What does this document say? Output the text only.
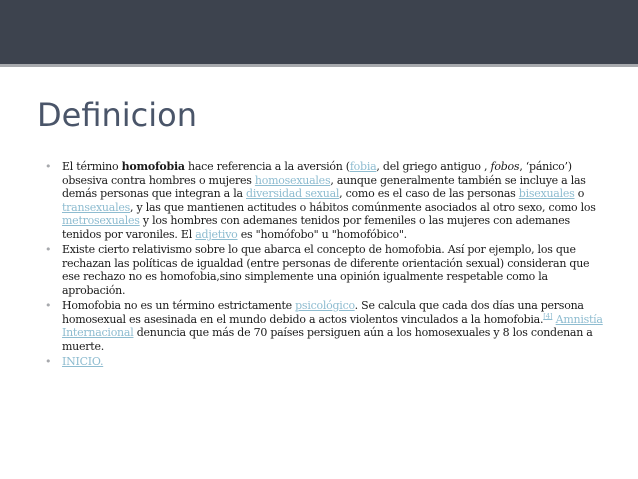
Definicion
• El término homofobia hace referencia a la aversión (fobia, del griego antiguo , fobos, ‘pánico’) obsesiva contra hombres o mujeres homosexuales, aunque generalmente también se incluye a las demás personas que integran a la diversidad sexual, como es el caso de las personas bisexuales o transexuales, y las que mantienen actitudes o hábitos comúnmente asociados al otro sexo, como los metrosexuales y los hombres con ademanes tenidos por femeniles o las mujeres con ademanes tenidos por varoniles. El adjetivo es "homófobo" u "homofóbico".
• Existe cierto relativismo sobre lo que abarca el concepto de homofobia. Así por ejemplo, los que rechazan las políticas de igualdad (entre personas de diferente orientación sexual) consideran que ese rechazo no es homofobia,sino simplemente una opinión igualmente respetable como la aprobación.
• Homofobia no es un término estrictamente psicológico. Se calcula que cada dos días una persona homosexual es asesinada en el mundo debido a actos violentos vinculados a la homofobia.[4] Amnistía Internacional denuncia que más de 70 países persiguen aún a los homosexuales y 8 los condenan a muerte.
• INICIO.
